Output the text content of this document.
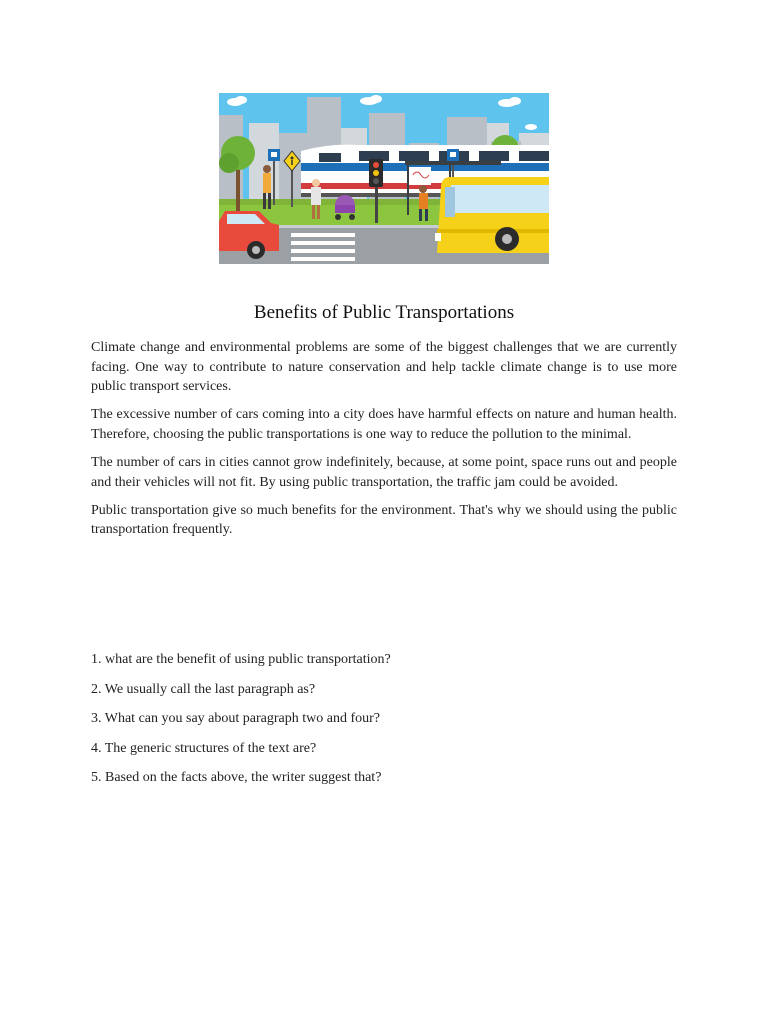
Benefits of Public Transportations

Climate change and environmental problems are some of the biggest challenges that we are currently facing. One way to contribute to nature conservation and help tackle climate change is to use more public transport services.

The excessive number of cars coming into a city does have harmful effects on nature and human health. Therefore, choosing the public transportations is one way to reduce the pollution to the minimal.

The number of cars in cities cannot grow indefinitely, because, at some point, space runs out and people and their vehicles will not fit. By using public transportation, the traffic jam could be avoided.

Public transportation give so much benefits for the environment. That's why we should using the public transportation frequently.

1. what are the benefit of using public transportation?
2. We usually call the last paragraph as?
3. What can you say about paragraph two and four?
4. The generic structures of the text are?
5. Based on the facts above, the writer suggest that?
